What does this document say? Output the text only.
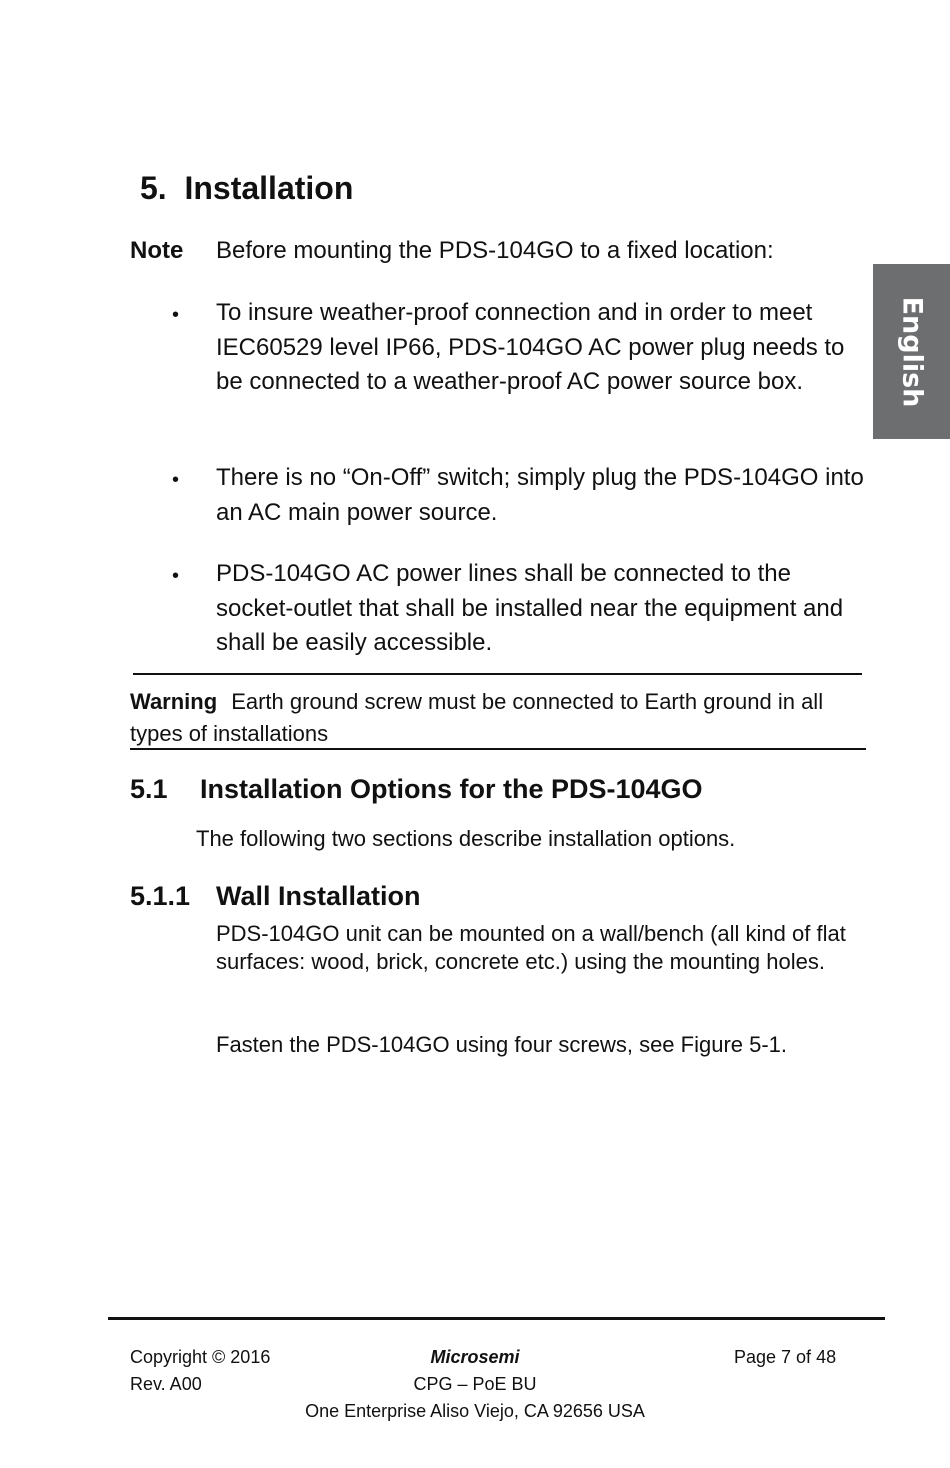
English
5. Installation
Note Before mounting the PDS-104GO to a fixed location:
• To insure weather-proof connection and in order to meet IEC60529 level IP66, PDS-104GO AC power plug needs to be connected to a weather-proof AC power source box.
• There is no “On-Off” switch; simply plug the PDS-104GO into an AC main power source.
• PDS-104GO AC power lines shall be connected to the socket-outlet that shall be installed near the equipment and shall be easily accessible.
Warning Earth ground screw must be connected to Earth ground in all types of installations
5.1 Installation Options for the PDS-104GO
The following two sections describe installation options.
5.1.1 Wall Installation
PDS-104GO unit can be mounted on a wall/bench (all kind of flat surfaces: wood, brick, concrete etc.) using the mounting holes.
Fasten the PDS-104GO using four screws, see Figure 5-1.
Copyright © 2016
Rev. A00
Microsemi
CPG – PoE BU
One Enterprise Aliso Viejo, CA 92656 USA
Page 7 of 48
